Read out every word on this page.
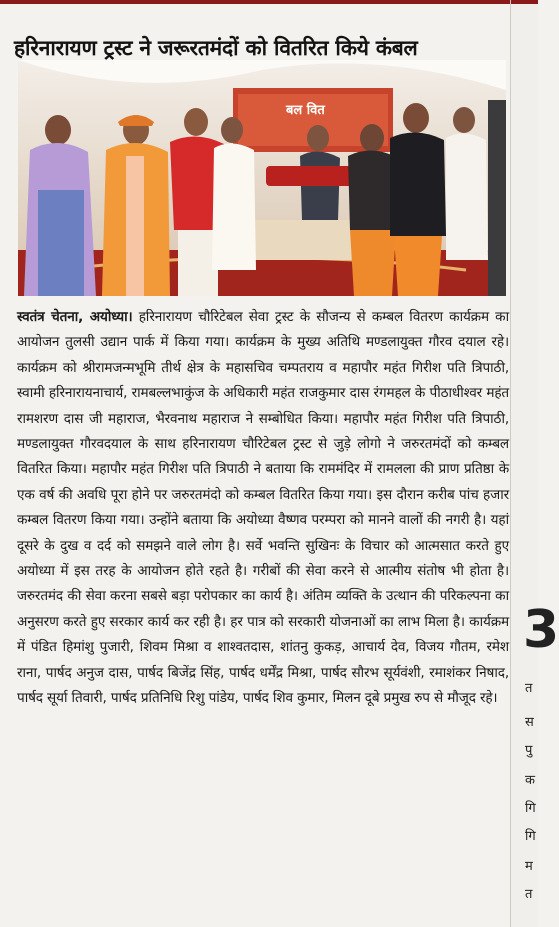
हरिनारायण ट्रस्ट ने जरूरतमंदों को वितरित किये कंबल
बल वित
स्वतंत्र चेतना, अयोध्या। हरिनारायण चौरिटेबल सेवा ट्रस्ट के सौजन्य से कम्बल वितरण कार्यक्रम का आयोजन तुलसी उद्यान पार्क में किया गया। कार्यक्रम के मुख्य अतिथि मण्डलायुक्त गौरव दयाल रहे। कार्यक्रम को श्रीरामजन्मभूमि तीर्थ क्षेत्र के महासचिव चम्पतराय व महापौर महंत गिरीश पति त्रिपाठी, स्वामी हरिनारायनाचार्य, रामबल्लभाकुंज के अधिकारी महंत राजकुमार दास रंगमहल के पीठाधीश्वर महंत रामशरण दास जी महाराज, भैरवनाथ महाराज ने सम्बोधित किया। महापौर महंत गिरीश पति त्रिपाठी, मण्डलायुक्त गौरवदयाल के साथ हरिनारायण चौरिटेबल ट्रस्ट से जुड़े लोगो ने जरुरतमंदों को कम्बल वितरित किया। महापौर महंत गिरीश पति त्रिपाठी ने बताया कि राममंदिर में रामलला की प्राण प्रतिष्ठा के एक वर्ष की अवधि पूरा होने पर जरुरतमंदो को कम्बल वितरित किया गया। इस दौरान करीब पांच हजार कम्बल वितरण किया गया। उन्होंने बताया कि अयोध्या वैष्णव परम्परा को मानने वालों की नगरी है। यहां दूसरे के दुख व दर्द को समझने वाले लोग है। सर्वे भवन्ति सुखिनः के विचार को आत्मसात करते हुए अयोध्या में इस तरह के आयोजन होते रहते है। गरीबों की सेवा करने से आत्मीय संतोष भी होता है। जरुरतमंद की सेवा करना सबसे बड़ा परोपकार का कार्य है। अंतिम व्यक्ति के उत्थान की परिकल्पना का अनुसरण करते हुए सरकार कार्य कर रही है। हर पात्र को सरकारी योजनाओं का लाभ मिला है। कार्यक्रम में पंडित हिमांशु पुजारी, शिवम मिश्रा व शाश्वतदास, शांतनु कुकड़, आचार्य देव, विजय गौतम, रमेश राना, पार्षद अनुज दास, पार्षद बिजेंद्र सिंह, पार्षद धर्मेंद्र मिश्रा, पार्षद सौरभ सूर्यवंशी, रमाशंकर निषाद, पार्षद सूर्या तिवारी, पार्षद प्रतिनिधि रिशु पांडेय, पार्षद शिव कुमार, मिलन दूबे प्रमुख रुप से मौजूद रहे।
3
त
स
पु
क
गि
गि
म
त
